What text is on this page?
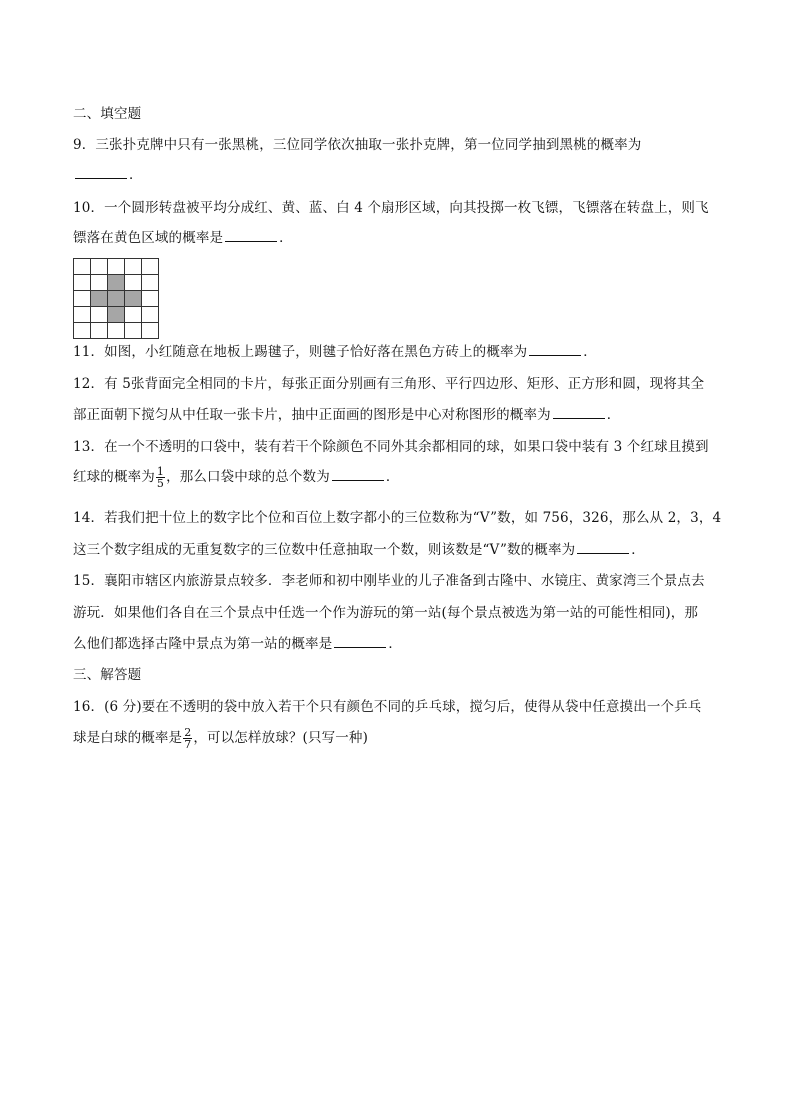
二、填空题
9．三张扑克牌中只有一张黑桃，三位同学依次抽取一张扑克牌，第一位同学抽到黑桃的概率为
．
10．一个圆形转盘被平均分成红、黄、蓝、白 4 个扇形区域，向其投掷一枚飞镖，飞镖落在转盘上，则飞
镖落在黄色区域的概率是	．

11．如图，小红随意在地板上踢毽子，则毽子恰好落在黑色方砖上的概率为	．
12．有 5张背面完全相同的卡片，每张正面分别画有三角形、平行四边形、矩形、正方形和圆，现将其全
部正面朝下搅匀从中任取一张卡片，抽中正面画的图形是中心对称图形的概率为	．
13．在一个不透明的口袋中，装有若干个除颜色不同外其余都相同的球，如果口袋中装有 3 个红球且摸到
红球的概率为 $\frac{1}{5}$ ，那么口袋中球的总个数为	．
14．若我们把十位上的数字比个位和百位上数字都小的三位数称为“V”数，如 756，326，那么从 2，3，4
这三个数字组成的无重复数字的三位数中任意抽取一个数，则该数是“V”数的概率为	．
15．襄阳市辖区内旅游景点较多．李老师和初中刚毕业的儿子准备到古隆中、水镜庄、黄家湾三个景点去
游玩．如果他们各自在三个景点中任选一个作为游玩的第一站(每个景点被选为第一站的可能性相同)，那
么他们都选择古隆中景点为第一站的概率是	．
三、解答题
16．(6 分)要在不透明的袋中放入若干个只有颜色不同的乒乓球，搅匀后，使得从袋中任意摸出一个乒乓
球是白球的概率是 $\frac{2}{7}$ ，可以怎样放球？(只写一种)
